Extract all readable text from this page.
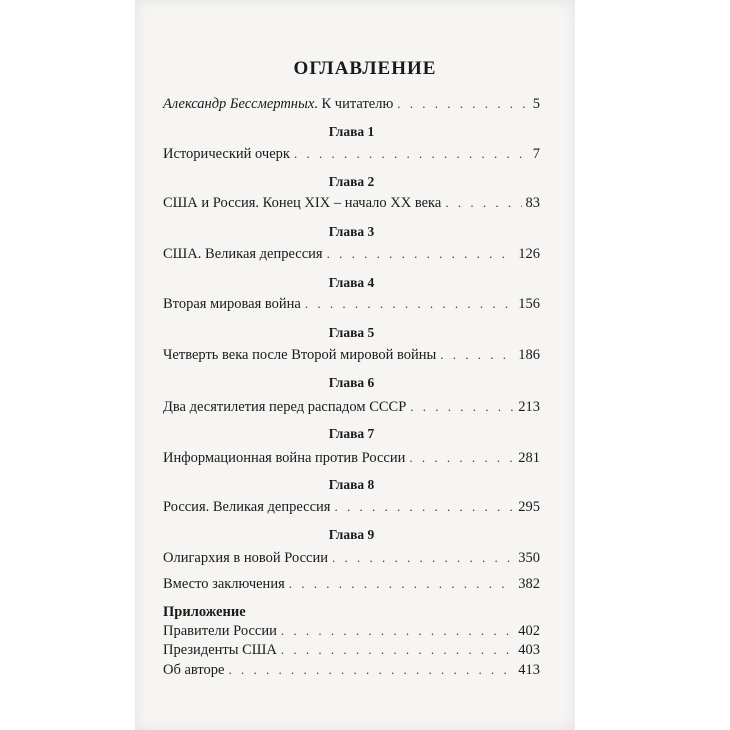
ОГЛАВЛЕНИЕ
Александр Бессмертных. К читателю . . .	5
Глава 1
Исторический очерк . . .	7
Глава 2
США и Россия. Конец XIX – начало XX века . . .	83
Глава 3
США. Великая депрессия . . .	126
Глава 4
Вторая мировая война . . .	156
Глава 5
Четверть века после Второй мировой войны . . .	186
Глава 6
Два десятилетия перед распадом СССР . . .	213
Глава 7
Информационная война против России . . .	281
Глава 8
Россия. Великая депрессия . . .	295
Глава 9
Олигархия в новой России . . .	350
Вместо заключения . . .	382
Приложение
Правители России . . .	402
Президенты США . . .	403
Об авторе . . .	413
